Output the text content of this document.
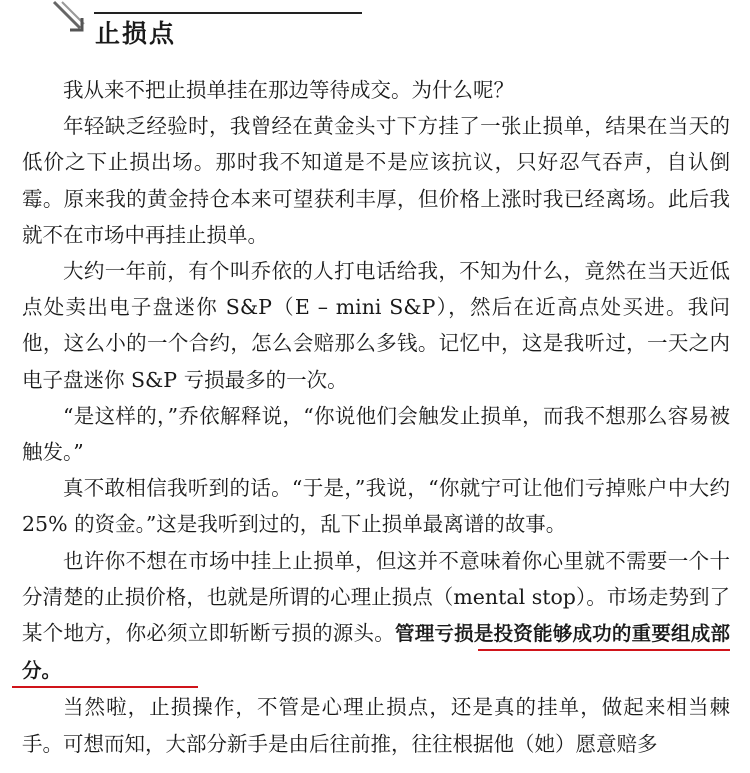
止损点

我从来不把止损单挂在那边等待成交。为什么呢？

年轻缺乏经验时，我曾经在黄金头寸下方挂了一张止损单，结果在当天的低价之下止损出场。那时我不知道是不是应该抗议，只好忍气吞声，自认倒霉。原来我的黄金持仓本来可望获利丰厚，但价格上涨时我已经离场。此后我就不在市场中再挂止损单。

大约一年前，有个叫乔依的人打电话给我，不知为什么，竟然在当天近低点处卖出电子盘迷你 S&P（E – mini S&P），然后在近高点处买进。我问他，这么小的一个合约，怎么会赔那么多钱。记忆中，这是我听过，一天之内电子盘迷你 S&P 亏损最多的一次。

“是这样的，”乔依解释说，“你说他们会触发止损单，而我不想那么容易被触发。”

真不敢相信我听到的话。“于是，”我说，“你就宁可让他们亏掉账户中大约 25% 的资金。”这是我听到过的，乱下止损单最离谱的故事。

也许你不想在市场中挂上止损单，但这并不意味着你心里就不需要一个十分清楚的止损价格，也就是所谓的心理止损点（mental stop）。市场走势到了某个地方，你必须立即斩断亏损的源头。管理亏损是投资能够成功的重要组成部分。

当然啦，止损操作，不管是心理止损点，还是真的挂单，做起来相当棘手。可想而知，大部分新手是由后往前推，往往根据他（她）愿意赔多
